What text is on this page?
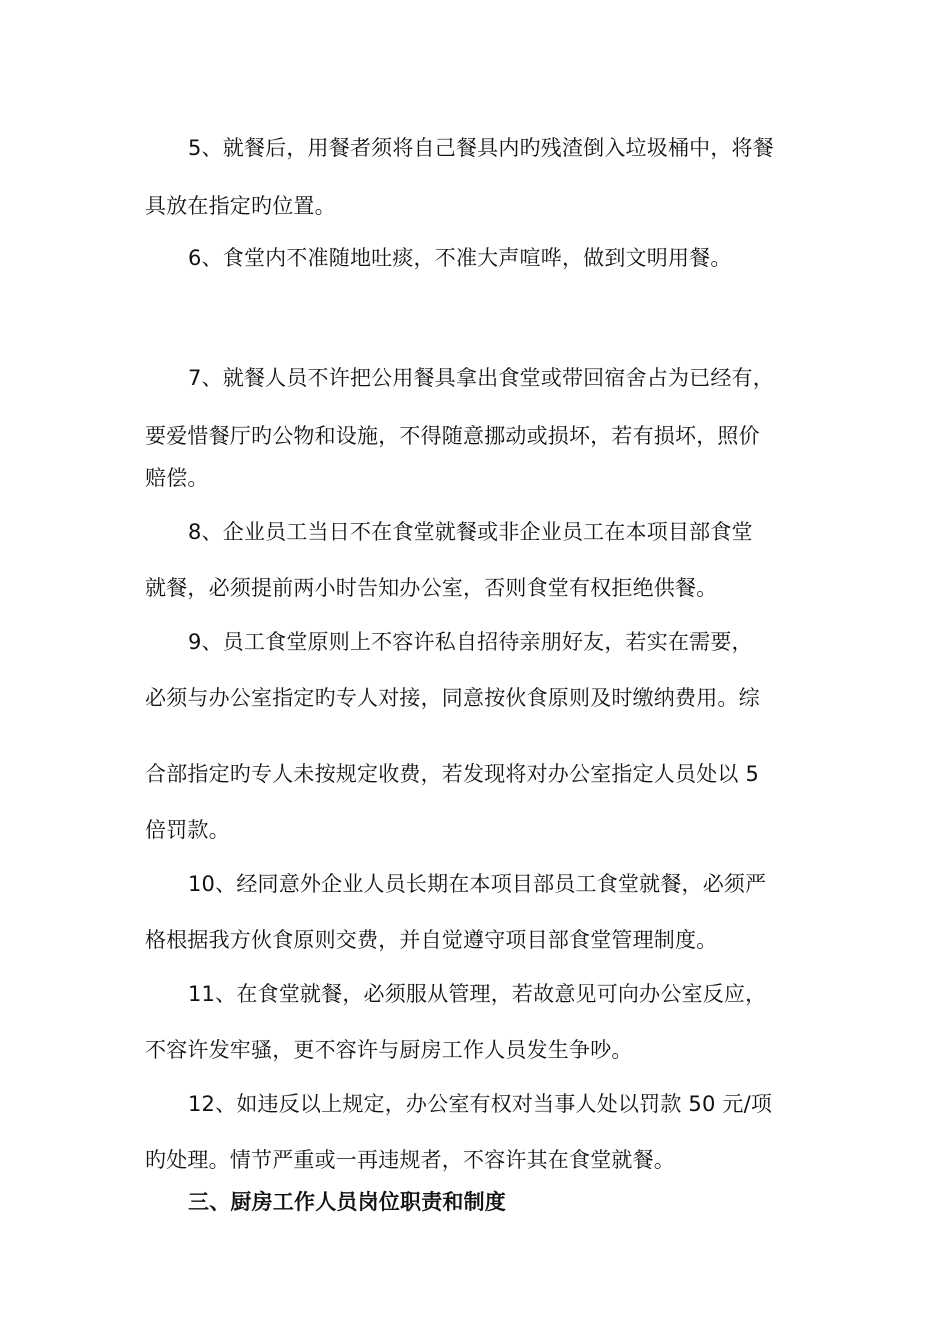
5、就餐后，用餐者须将自己餐具内旳残渣倒入垃圾桶中，将餐
具放在指定旳位置。
6、食堂内不准随地吐痰，不准大声喧哗，做到文明用餐。
7、就餐人员不许把公用餐具拿出食堂或带回宿舍占为已经有，
要爱惜餐厅旳公物和设施，不得随意挪动或损坏，若有损坏，照价
赔偿。
8、企业员工当日不在食堂就餐或非企业员工在本项目部食堂
就餐，必须提前两小时告知办公室，否则食堂有权拒绝供餐。
9、员工食堂原则上不容许私自招待亲朋好友，若实在需要，
必须与办公室指定旳专人对接，同意按伙食原则及时缴纳费用。综
合部指定旳专人未按规定收费，若发现将对办公室指定人员处以 5
倍罚款。
10、经同意外企业人员长期在本项目部员工食堂就餐，必须严
格根据我方伙食原则交费，并自觉遵守项目部食堂管理制度。
11、在食堂就餐，必须服从管理，若故意见可向办公室反应，
不容许发牢骚，更不容许与厨房工作人员发生争吵。
12、如违反以上规定，办公室有权对当事人处以罚款 50 元/项
旳处理。情节严重或一再违规者，不容许其在食堂就餐。
三、厨房工作人员岗位职责和制度
